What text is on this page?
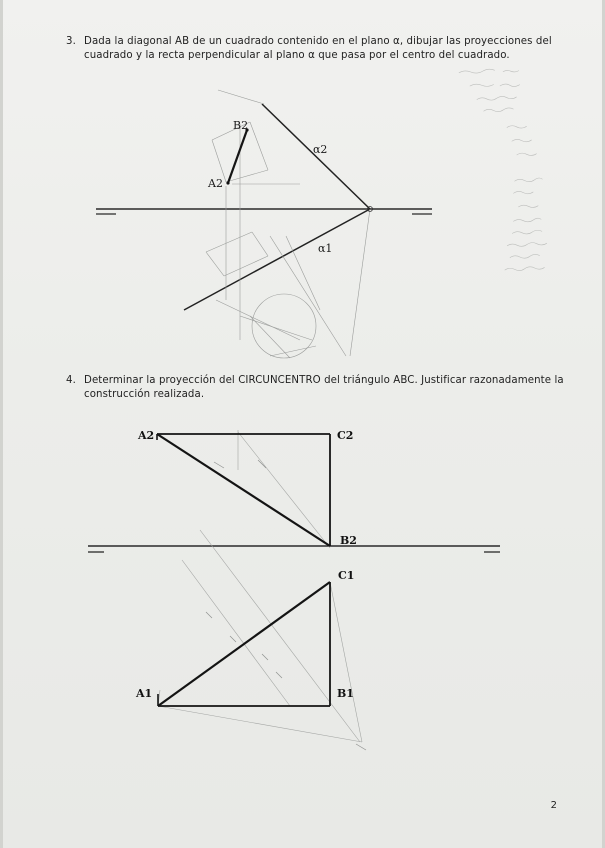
3. Dada la diagonal AB de un cuadrado contenido en el plano α, dibujar las proyecciones del cuadrado y la recta perpendicular al plano α que pasa por el centro del cuadrado.
4. Determinar la proyección del CIRCUNCENTRO del triángulo ABC. Justificar razonadamente la construcción realizada.
B2
A2
α2
α1
A2	C2
B2
C1
A1	B1
2
